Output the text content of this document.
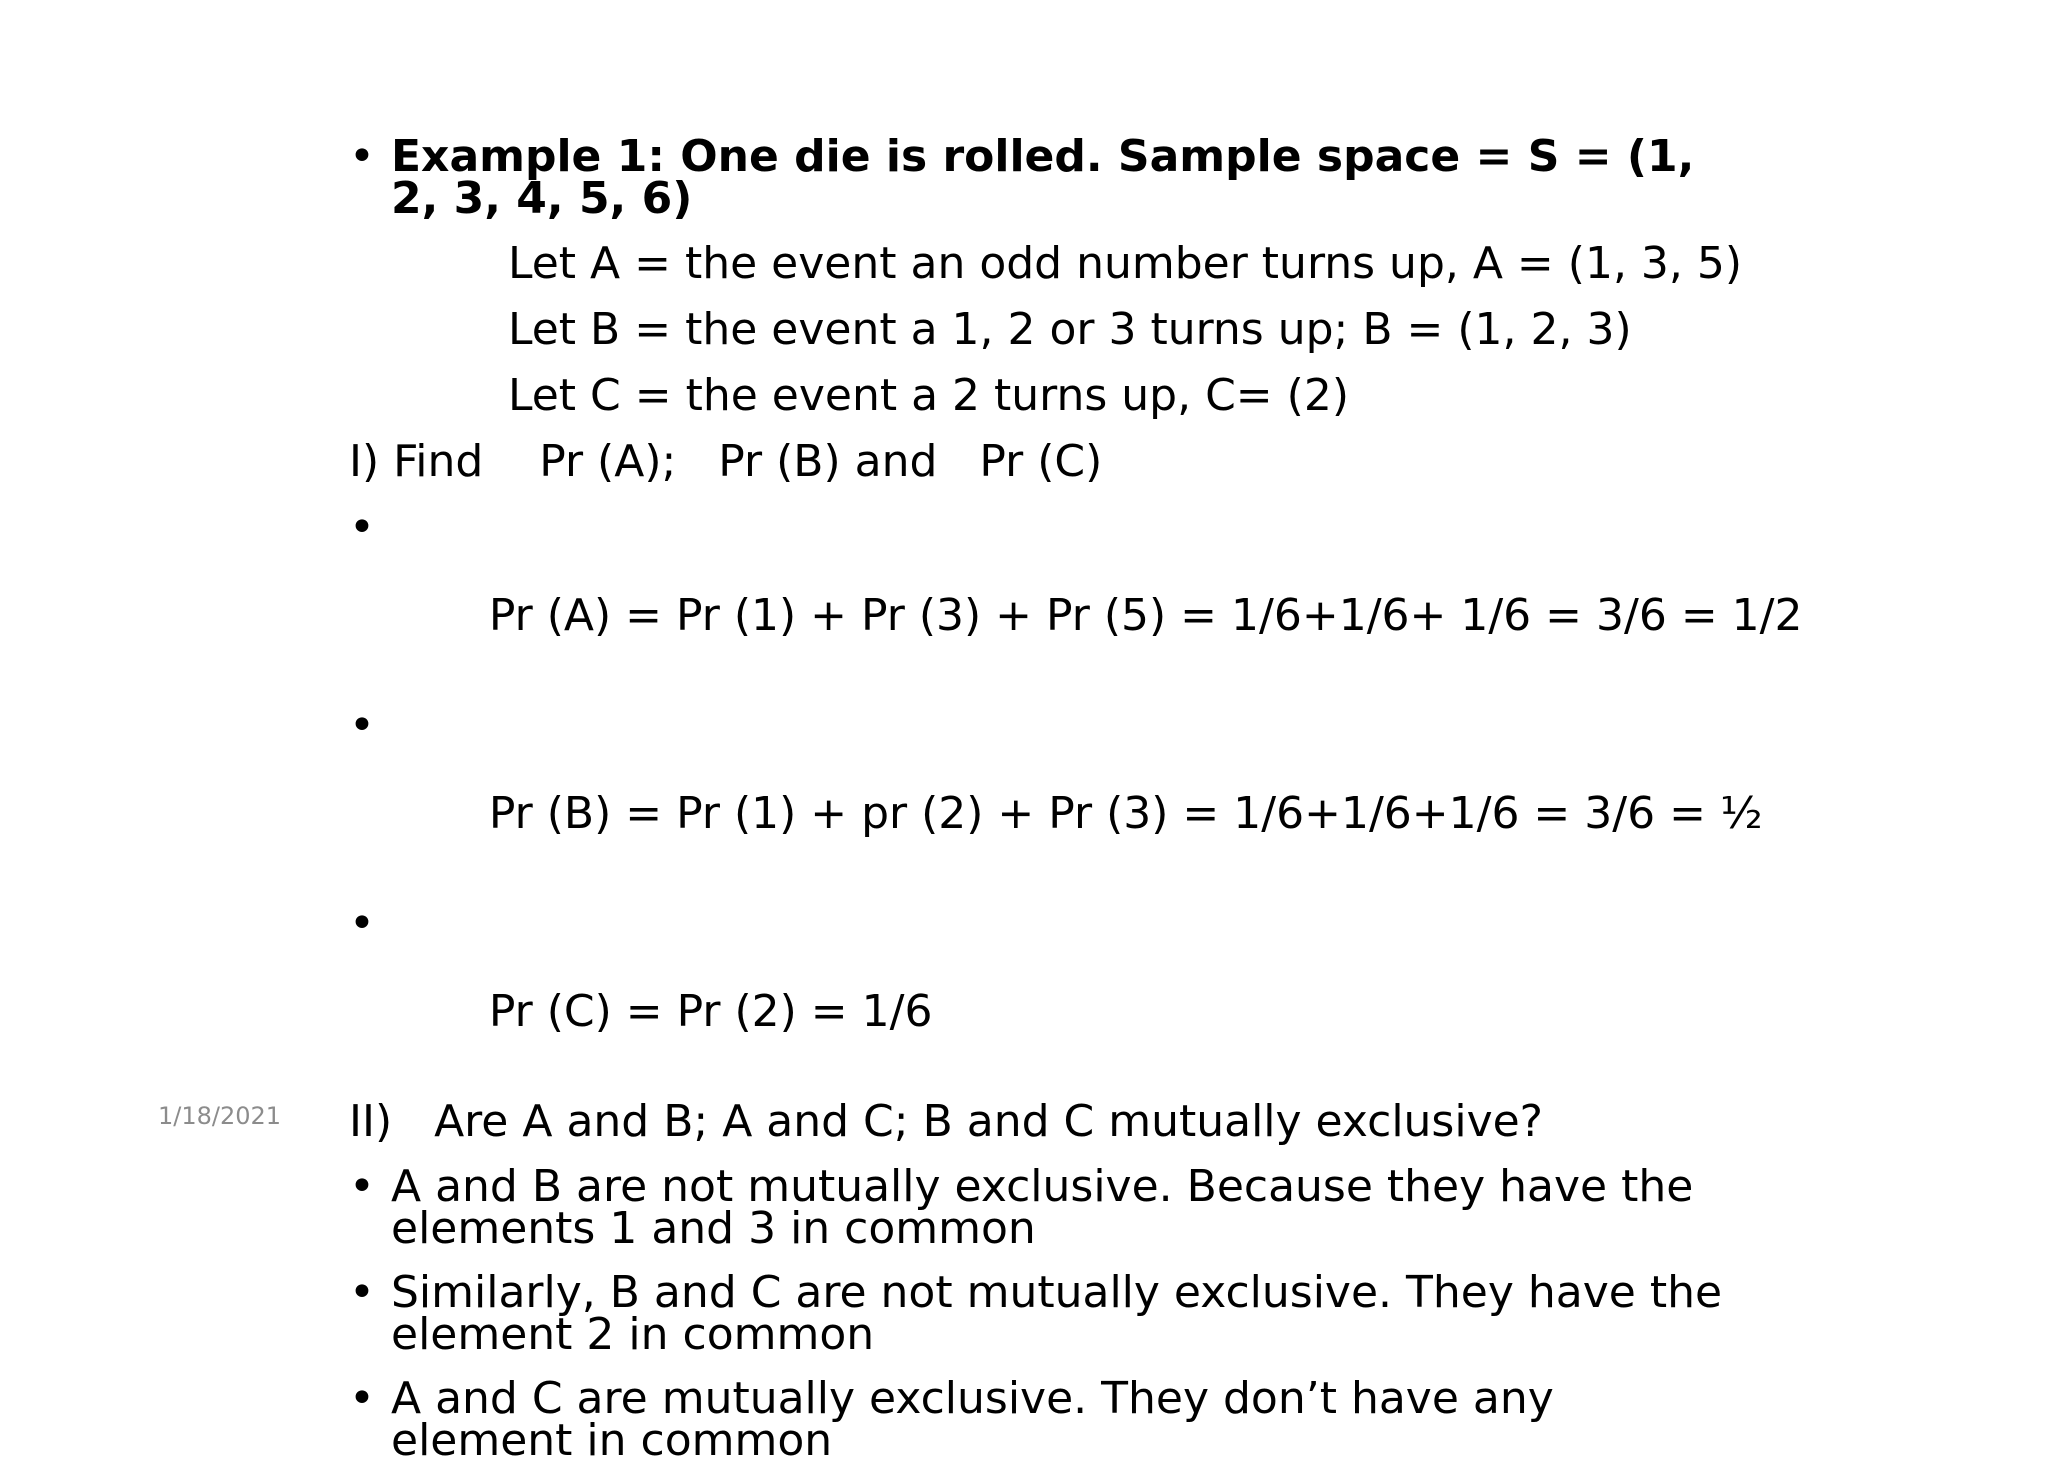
• Example 1: One die is rolled. Sample space = S = (1, 2, 3, 4, 5, 6)
Let A = the event an odd number turns up, A = (1, 3, 5)
Let B = the event a 1, 2 or 3 turns up; B = (1, 2, 3)
Let C = the event a 2 turns up, C= (2)
I) Find    Pr (A);   Pr (B) and   Pr (C)

•

Pr (A) = Pr (1) + Pr (3) + Pr (5) = 1/6+1/6+ 1/6 = 3/6 = 1/2

•

Pr (B) = Pr (1) + pr (2) + Pr (3) = 1/6+1/6+1/6 = 3/6 = ½

•

Pr (C) = Pr (2) = 1/6

II)   Are A and B; A and C; B and C mutually exclusive?
• A and B are not mutually exclusive. Because they have the elements 1 and 3 in common
• Similarly, B and C are not mutually exclusive. They have the element 2 in common
• A and C are mutually exclusive. They don’t have any element in common
1/18/2021
